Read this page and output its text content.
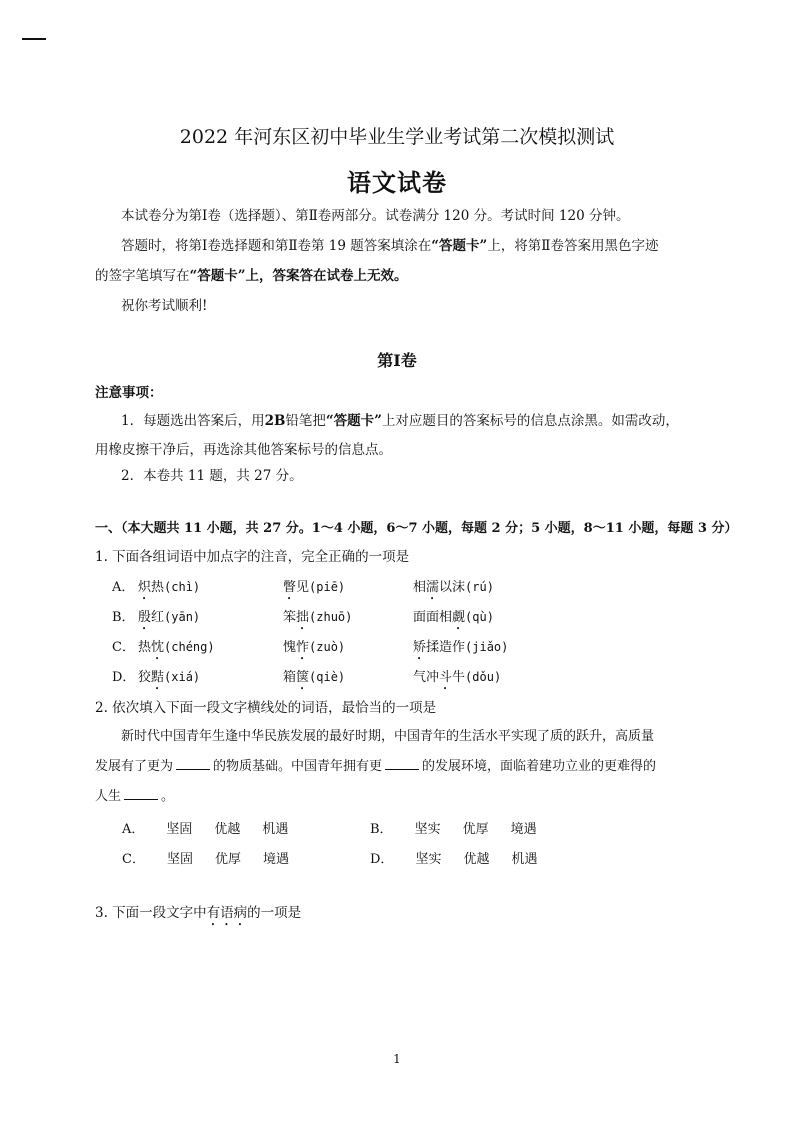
2022 年河东区初中毕业生学业考试第二次模拟测试
语文试卷
本试卷分为第Ⅰ卷（选择题）、第Ⅱ卷两部分。试卷满分 120 分。考试时间 120 分钟。
答题时，将第Ⅰ卷选择题和第Ⅱ卷第 19 题答案填涂在“答题卡”上，将第Ⅱ卷答案用黑色字迹
的签字笔填写在“答题卡”上，答案答在试卷上无效。
祝你考试顺利!
第Ⅰ卷
注意事项：
1．每题选出答案后，用2B铅笔把“答题卡”上对应题目的答案标号的信息点涂黑。如需改动，
用橡皮擦干净后，再选涂其他答案标号的信息点。
2．本卷共 11 题，共 27 分。
一、（本大题共 11 小题，共 27 分。1～4 小题，6～7 小题，每题 2 分；5 小题，8～11 小题，每题 3 分）
1. 下面各组词语中加点字的注音，完全正确的一项是
A． 炽热(chì)	瞥见(piē)	相濡以沫(rú)
B． 殷红(yān)	笨拙(zhuō)	面面相觑(qù)
C． 热忱(chéng)	愧怍(zuò)	矫揉造作(jiǎo)
D． 狡黠(xiá)	箱箧(qiè)	气冲斗牛(dǒu)
2. 依次填入下面一段文字横线处的词语，最恰当的一项是
新时代中国青年生逢中华民族发展的最好时期，中国青年的生活水平实现了质的跃升，高质量
发展有了更为	的物质基础。中国青年拥有更	的发展环境，面临着建功立业的更难得的
人生	。
A． 坚固 优越 机遇	B． 坚实 优厚 境遇
C． 坚固 优厚 境遇	D． 坚实 优越 机遇
3. 下面一段文字中有语病的一项是
1
